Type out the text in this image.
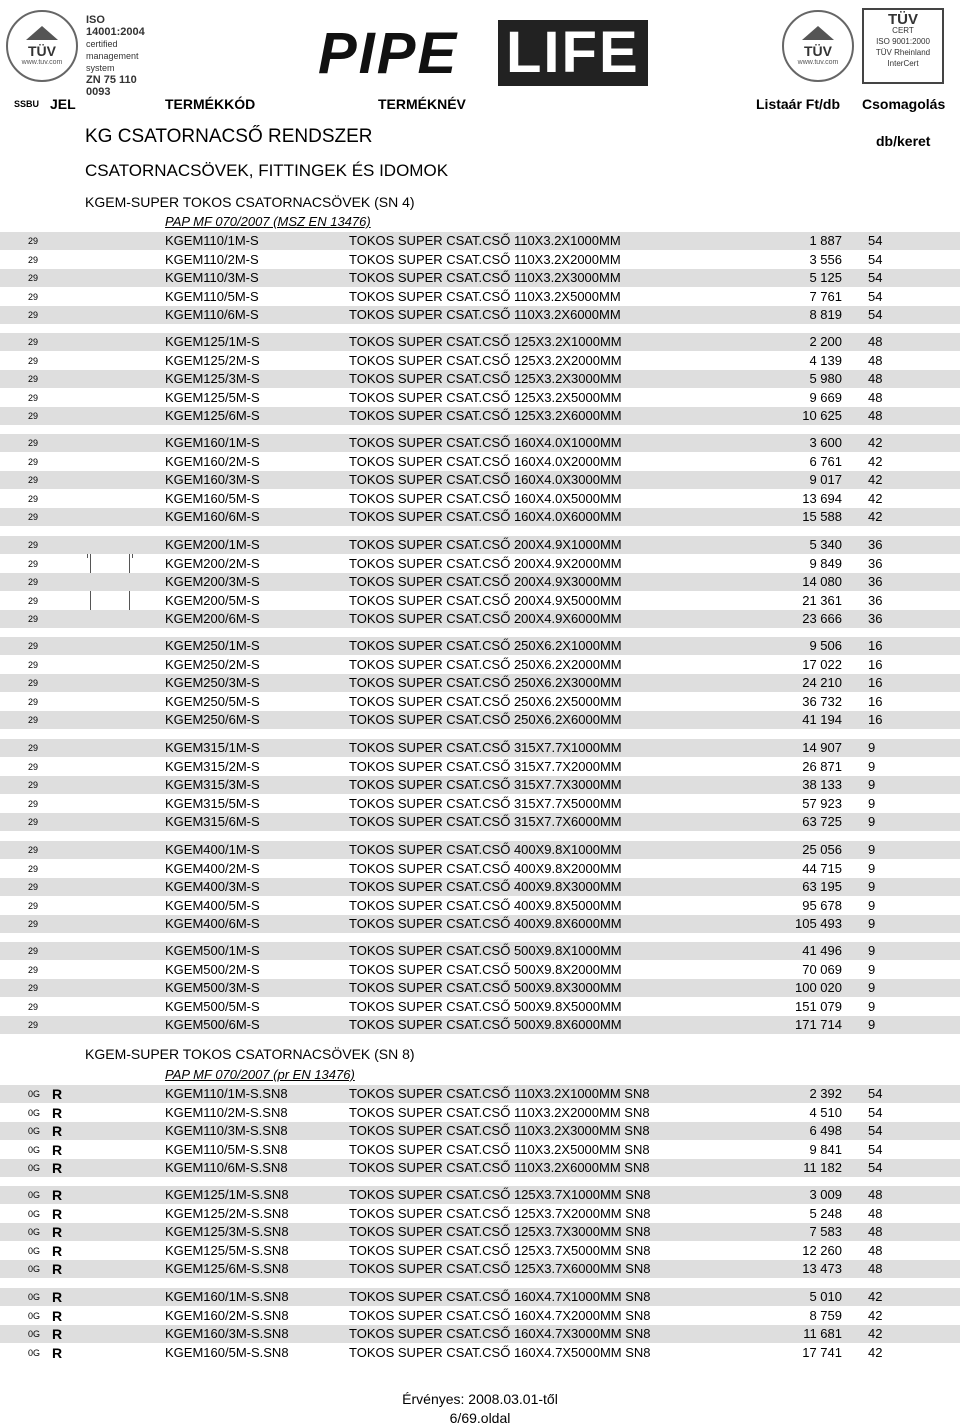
TÜV
www.tuv.com
ISO 14001:2004
certified
management system
ZN 75 110 0093
PIPE LIFE	TÜV
www.tuv.com
TÜV
CERT
ISO 9001:2000
TÜV Rheinland InterCert
SSBU JEL	TERMÉKKÓD	TERMÉKNÉV	Listaár Ft/db Csomagolás
KG CSATORNACSŐ RENDSZER	db/keret
CSATORNACSÖVEK, FITTINGEK ÉS IDOMOK
KGEM-SUPER TOKOS CSATORNACSÖVEK (SN 4)
PAP MF 070/2007 (MSZ EN 13476)
KGEM-SUPER TOKOS CSATORNACSÖVEK (SN 8)
PAP MF 070/2007 (pr EN 13476)
29	KGEM110/1M-S	TOKOS SUPER CSAT.CSŐ 110X3.2X1000MM	1 887 54
29	KGEM110/2M-S	TOKOS SUPER CSAT.CSŐ 110X3.2X2000MM	3 556 54
29	KGEM110/3M-S	TOKOS SUPER CSAT.CSŐ 110X3.2X3000MM	5 125 54
29	KGEM110/5M-S	TOKOS SUPER CSAT.CSŐ 110X3.2X5000MM	7 761 54
29	KGEM110/6M-S	TOKOS SUPER CSAT.CSŐ 110X3.2X6000MM	8 819 54
29	KGEM125/1M-S	TOKOS SUPER CSAT.CSŐ 125X3.2X1000MM	2 200 48
29	KGEM125/2M-S	TOKOS SUPER CSAT.CSŐ 125X3.2X2000MM	4 139 48
29	KGEM125/3M-S	TOKOS SUPER CSAT.CSŐ 125X3.2X3000MM	5 980 48
29	KGEM125/5M-S	TOKOS SUPER CSAT.CSŐ 125X3.2X5000MM	9 669 48
29	KGEM125/6M-S	TOKOS SUPER CSAT.CSŐ 125X3.2X6000MM	10 625 48
29	KGEM160/1M-S	TOKOS SUPER CSAT.CSŐ 160X4.0X1000MM	3 600 42
29	KGEM160/2M-S	TOKOS SUPER CSAT.CSŐ 160X4.0X2000MM	6 761 42
29	KGEM160/3M-S	TOKOS SUPER CSAT.CSŐ 160X4.0X3000MM	9 017 42
29	KGEM160/5M-S	TOKOS SUPER CSAT.CSŐ 160X4.0X5000MM	13 694 42
29	KGEM160/6M-S	TOKOS SUPER CSAT.CSŐ 160X4.0X6000MM	15 588 42
29	KGEM200/1M-S	TOKOS SUPER CSAT.CSŐ 200X4.9X1000MM	5 340 36
29	KGEM200/2M-S	TOKOS SUPER CSAT.CSŐ 200X4.9X2000MM	9 849 36
29	KGEM200/3M-S	TOKOS SUPER CSAT.CSŐ 200X4.9X3000MM	14 080 36
29	KGEM200/5M-S	TOKOS SUPER CSAT.CSŐ 200X4.9X5000MM	21 361 36
29	KGEM200/6M-S	TOKOS SUPER CSAT.CSŐ 200X4.9X6000MM	23 666 36
29	KGEM250/1M-S	TOKOS SUPER CSAT.CSŐ 250X6.2X1000MM	9 506 16
29	KGEM250/2M-S	TOKOS SUPER CSAT.CSŐ 250X6.2X2000MM	17 022 16
29	KGEM250/3M-S	TOKOS SUPER CSAT.CSŐ 250X6.2X3000MM	24 210 16
29	KGEM250/5M-S	TOKOS SUPER CSAT.CSŐ 250X6.2X5000MM	36 732 16
29	KGEM250/6M-S	TOKOS SUPER CSAT.CSŐ 250X6.2X6000MM	41 194 16
29	KGEM315/1M-S	TOKOS SUPER CSAT.CSŐ 315X7.7X1000MM	14 907 9
29	KGEM315/2M-S	TOKOS SUPER CSAT.CSŐ 315X7.7X2000MM	26 871 9
29	KGEM315/3M-S	TOKOS SUPER CSAT.CSŐ 315X7.7X3000MM	38 133 9
29	KGEM315/5M-S	TOKOS SUPER CSAT.CSŐ 315X7.7X5000MM	57 923 9
29	KGEM315/6M-S	TOKOS SUPER CSAT.CSŐ 315X7.7X6000MM	63 725 9
29	KGEM400/1M-S	TOKOS SUPER CSAT.CSŐ 400X9.8X1000MM	25 056 9
29	KGEM400/2M-S	TOKOS SUPER CSAT.CSŐ 400X9.8X2000MM	44 715 9
29	KGEM400/3M-S	TOKOS SUPER CSAT.CSŐ 400X9.8X3000MM	63 195 9
29	KGEM400/5M-S	TOKOS SUPER CSAT.CSŐ 400X9.8X5000MM	95 678 9
29	KGEM400/6M-S	TOKOS SUPER CSAT.CSŐ 400X9.8X6000MM	105 493 9
29	KGEM500/1M-S	TOKOS SUPER CSAT.CSŐ 500X9.8X1000MM	41 496 9
29	KGEM500/2M-S	TOKOS SUPER CSAT.CSŐ 500X9.8X2000MM	70 069 9
29	KGEM500/3M-S	TOKOS SUPER CSAT.CSŐ 500X9.8X3000MM	100 020 9
29	KGEM500/5M-S	TOKOS SUPER CSAT.CSŐ 500X9.8X5000MM	151 079 9
29	KGEM500/6M-S	TOKOS SUPER CSAT.CSŐ 500X9.8X6000MM	171 714 9
0G R	KGEM110/1M-S.SN8	TOKOS SUPER CSAT.CSŐ 110X3.2X1000MM SN8	2 392 54
0G R	KGEM110/2M-S.SN8	TOKOS SUPER CSAT.CSŐ 110X3.2X2000MM SN8	4 510 54
0G R	KGEM110/3M-S.SN8	TOKOS SUPER CSAT.CSŐ 110X3.2X3000MM SN8	6 498 54
0G R	KGEM110/5M-S.SN8	TOKOS SUPER CSAT.CSŐ 110X3.2X5000MM SN8	9 841 54
0G R	KGEM110/6M-S.SN8	TOKOS SUPER CSAT.CSŐ 110X3.2X6000MM SN8	11 182 54
0G R	KGEM125/1M-S.SN8	TOKOS SUPER CSAT.CSŐ 125X3.7X1000MM SN8	3 009 48
0G R	KGEM125/2M-S.SN8	TOKOS SUPER CSAT.CSŐ 125X3.7X2000MM SN8	5 248 48
0G R	KGEM125/3M-S.SN8	TOKOS SUPER CSAT.CSŐ 125X3.7X3000MM SN8	7 583 48
0G R	KGEM125/5M-S.SN8	TOKOS SUPER CSAT.CSŐ 125X3.7X5000MM SN8	12 260 48
0G R	KGEM125/6M-S.SN8	TOKOS SUPER CSAT.CSŐ 125X3.7X6000MM SN8	13 473 48
0G R	KGEM160/1M-S.SN8	TOKOS SUPER CSAT.CSŐ 160X4.7X1000MM SN8	5 010 42
0G R	KGEM160/2M-S.SN8	TOKOS SUPER CSAT.CSŐ 160X4.7X2000MM SN8	8 759 42
0G R	KGEM160/3M-S.SN8	TOKOS SUPER CSAT.CSŐ 160X4.7X3000MM SN8	11 681 42
0G R	KGEM160/5M-S.SN8	TOKOS SUPER CSAT.CSŐ 160X4.7X5000MM SN8	17 741 42
Érvényes: 2008.03.01-től
6/69.oldal
